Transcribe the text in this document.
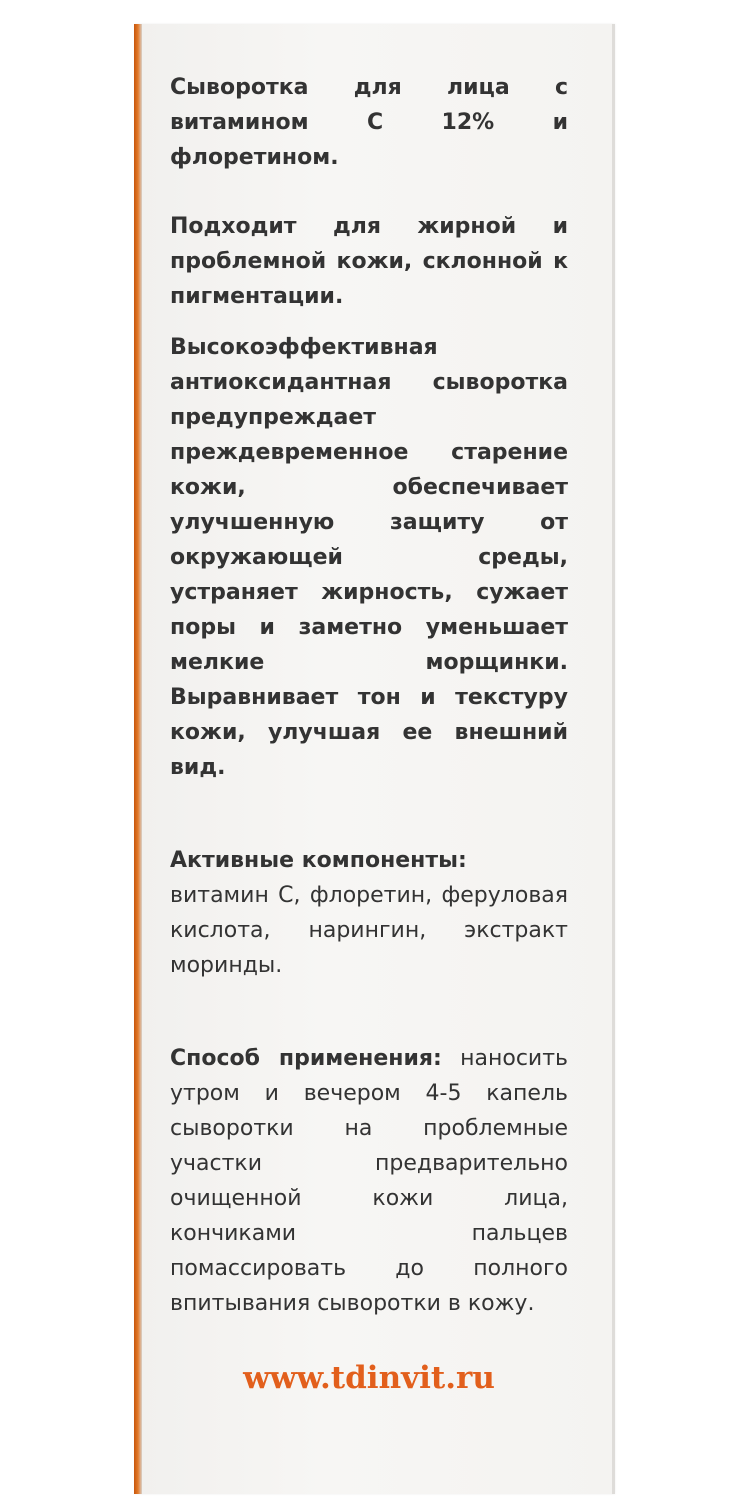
Сыворотка для лица с витамином С 12% и флоретином.

Подходит для жирной и проблемной кожи, склонной к пигментации.

Высокоэффективная антиоксидантная сыворотка предупреждает преждевременное старение кожи, обеспечивает улучшенную защиту от окружающей среды, устраняет жирность, сужает поры и заметно уменьшает мелкие морщинки. Выравнивает тон и текстуру кожи, улучшая ее внешний вид.

Активные компоненты:

витамин С, флоретин, феруловая кислота, нарингин, экстракт моринды.

Способ применения: наносить утром и вечером 4-5 капель сыворотки на проблемные участки предварительно очищенной кожи лица, кончиками пальцев помассировать до полного впитывания сыворотки в кожу.

www.tdinvit.ru
